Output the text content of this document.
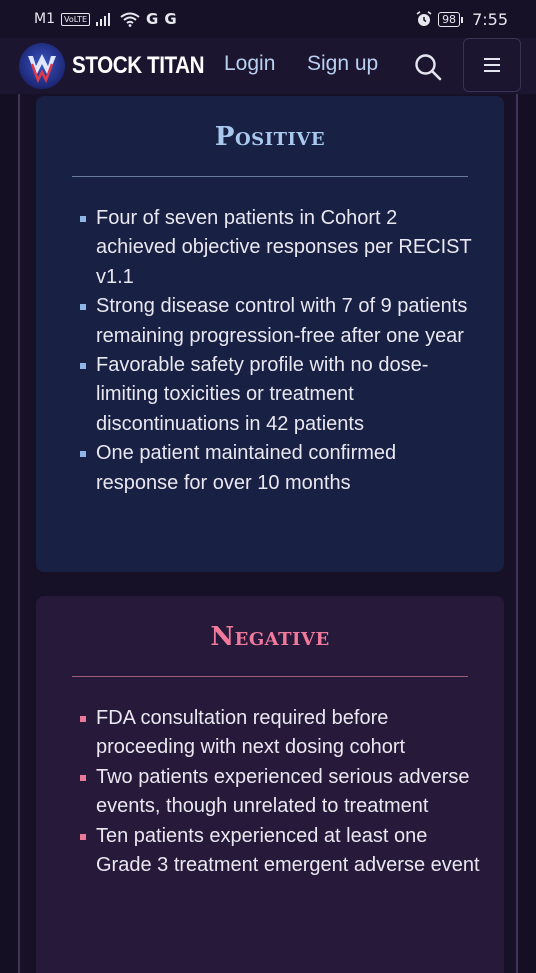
M1	VoLTE	G G	98 7:55
STOCK TITAN Login Sign up
Positive
Four of seven patients in Cohort 2 achieved objective responses per RECIST v1.1
Strong disease control with 7 of 9 patients remaining progression-free after one year
Favorable safety profile with no dose-limiting toxicities or treatment discontinuations in 42 patients
One patient maintained confirmed response for over 10 months
Negative
FDA consultation required before proceeding with next dosing cohort
Two patients experienced serious adverse events, though unrelated to treatment
Ten patients experienced at least one Grade 3 treatment emergent adverse event
